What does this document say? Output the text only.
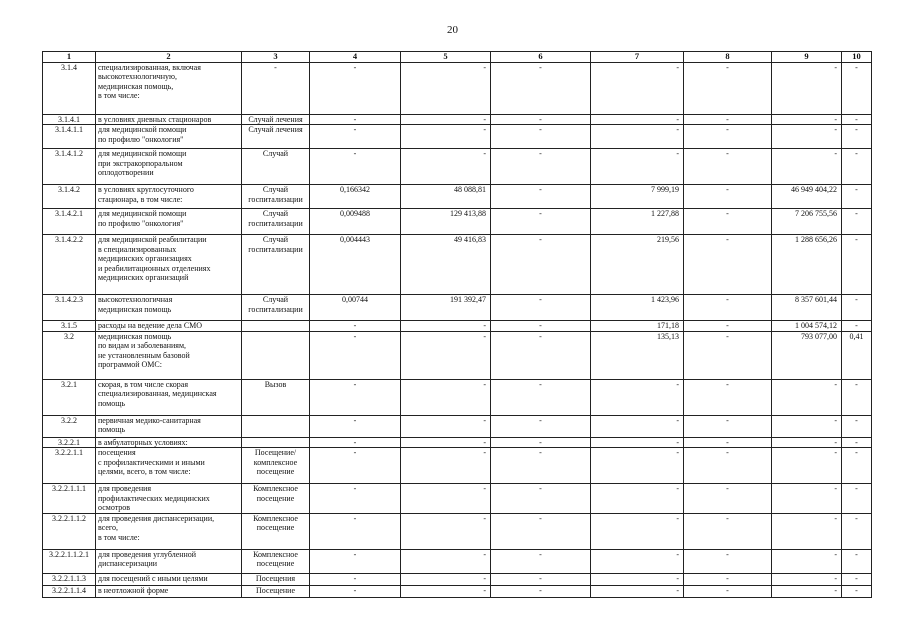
20
1	2	3	4	5	6	7	8	9	10
3.1.4	специализированная, включая
высокотехнологичную,
медицинская помощь,
в том числе:	-	-	-	-	-	-	-	-
3.1.4.1	в условиях дневных стационаров	Случай лечения	-	-	-	-	-	-	-
3.1.4.1.1	для медицинской помощи
по профилю "онкология"	Случай лечения	-	-	-	-	-	-	-
3.1.4.1.2	для медицинской помощи
при экстракорпоральном
оплодотворении	Случай	-	-	-	-	-	-	-
3.1.4.2	в условиях круглосуточного
стационара, в том числе:	Случай
госпитализации	0,166342	48 088,81	-	7 999,19	-	46 949 404,22	-
3.1.4.2.1	для медицинской помощи
по профилю "онкология"	Случай
госпитализации	0,009488	129 413,88	-	1 227,88	-	7 206 755,56	-
3.1.4.2.2	для медицинской реабилитации
в специализированных
медицинских организациях
и реабилитационных отделениях
медицинских организаций	Случай
госпитализации	0,004443	49 416,83	-	219,56	-	1 288 656,26	-
3.1.4.2.3	высокотехнологичная
медицинская помощь	Случай
госпитализации	0,00744	191 392,47	-	1 423,96	-	8 357 601,44	-
3.1.5	расходы на ведение дела СМО		-	-	-	171,18	-	1 004 574,12	-
3.2	медицинская помощь
по видам и заболеваниям,
не установленным базовой
программой ОМС:		-	-	-	135,13	-	793 077,00	0,41
3.2.1	скорая, в том числе скорая
специализированная, медицинская
помощь	Вызов	-	-	-	-	-	-	-
3.2.2	первичная медико-санитарная
помощь		-	-	-	-	-	-	-
3.2.2.1	в амбулаторных условиях:		-	-	-	-	-	-	-
3.2.2.1.1	посещения
с профилактическими и иными
целями, всего, в том числе:	Посещение/
комплексное
посещение	-	-	-	-	-	-	-
3.2.2.1.1.1	для проведения
профилактических медицинских
осмотров	Комплексное
посещение	-	-	-	-	-	-	-
3.2.2.1.1.2	для проведения диспансеризации,
всего,
в том числе:	Комплексное
посещение	-	-	-	-	-	-	-
3.2.2.1.1.2.1	для проведения углубленной
диспансеризации	Комплексное
посещение	-	-	-	-	-	-	-
3.2.2.1.1.3	для посещений с иными целями	Посещения	-	-	-	-	-	-	-
3.2.2.1.1.4	в неотложной форме	Посещение	-	-	-	-	-	-	-
